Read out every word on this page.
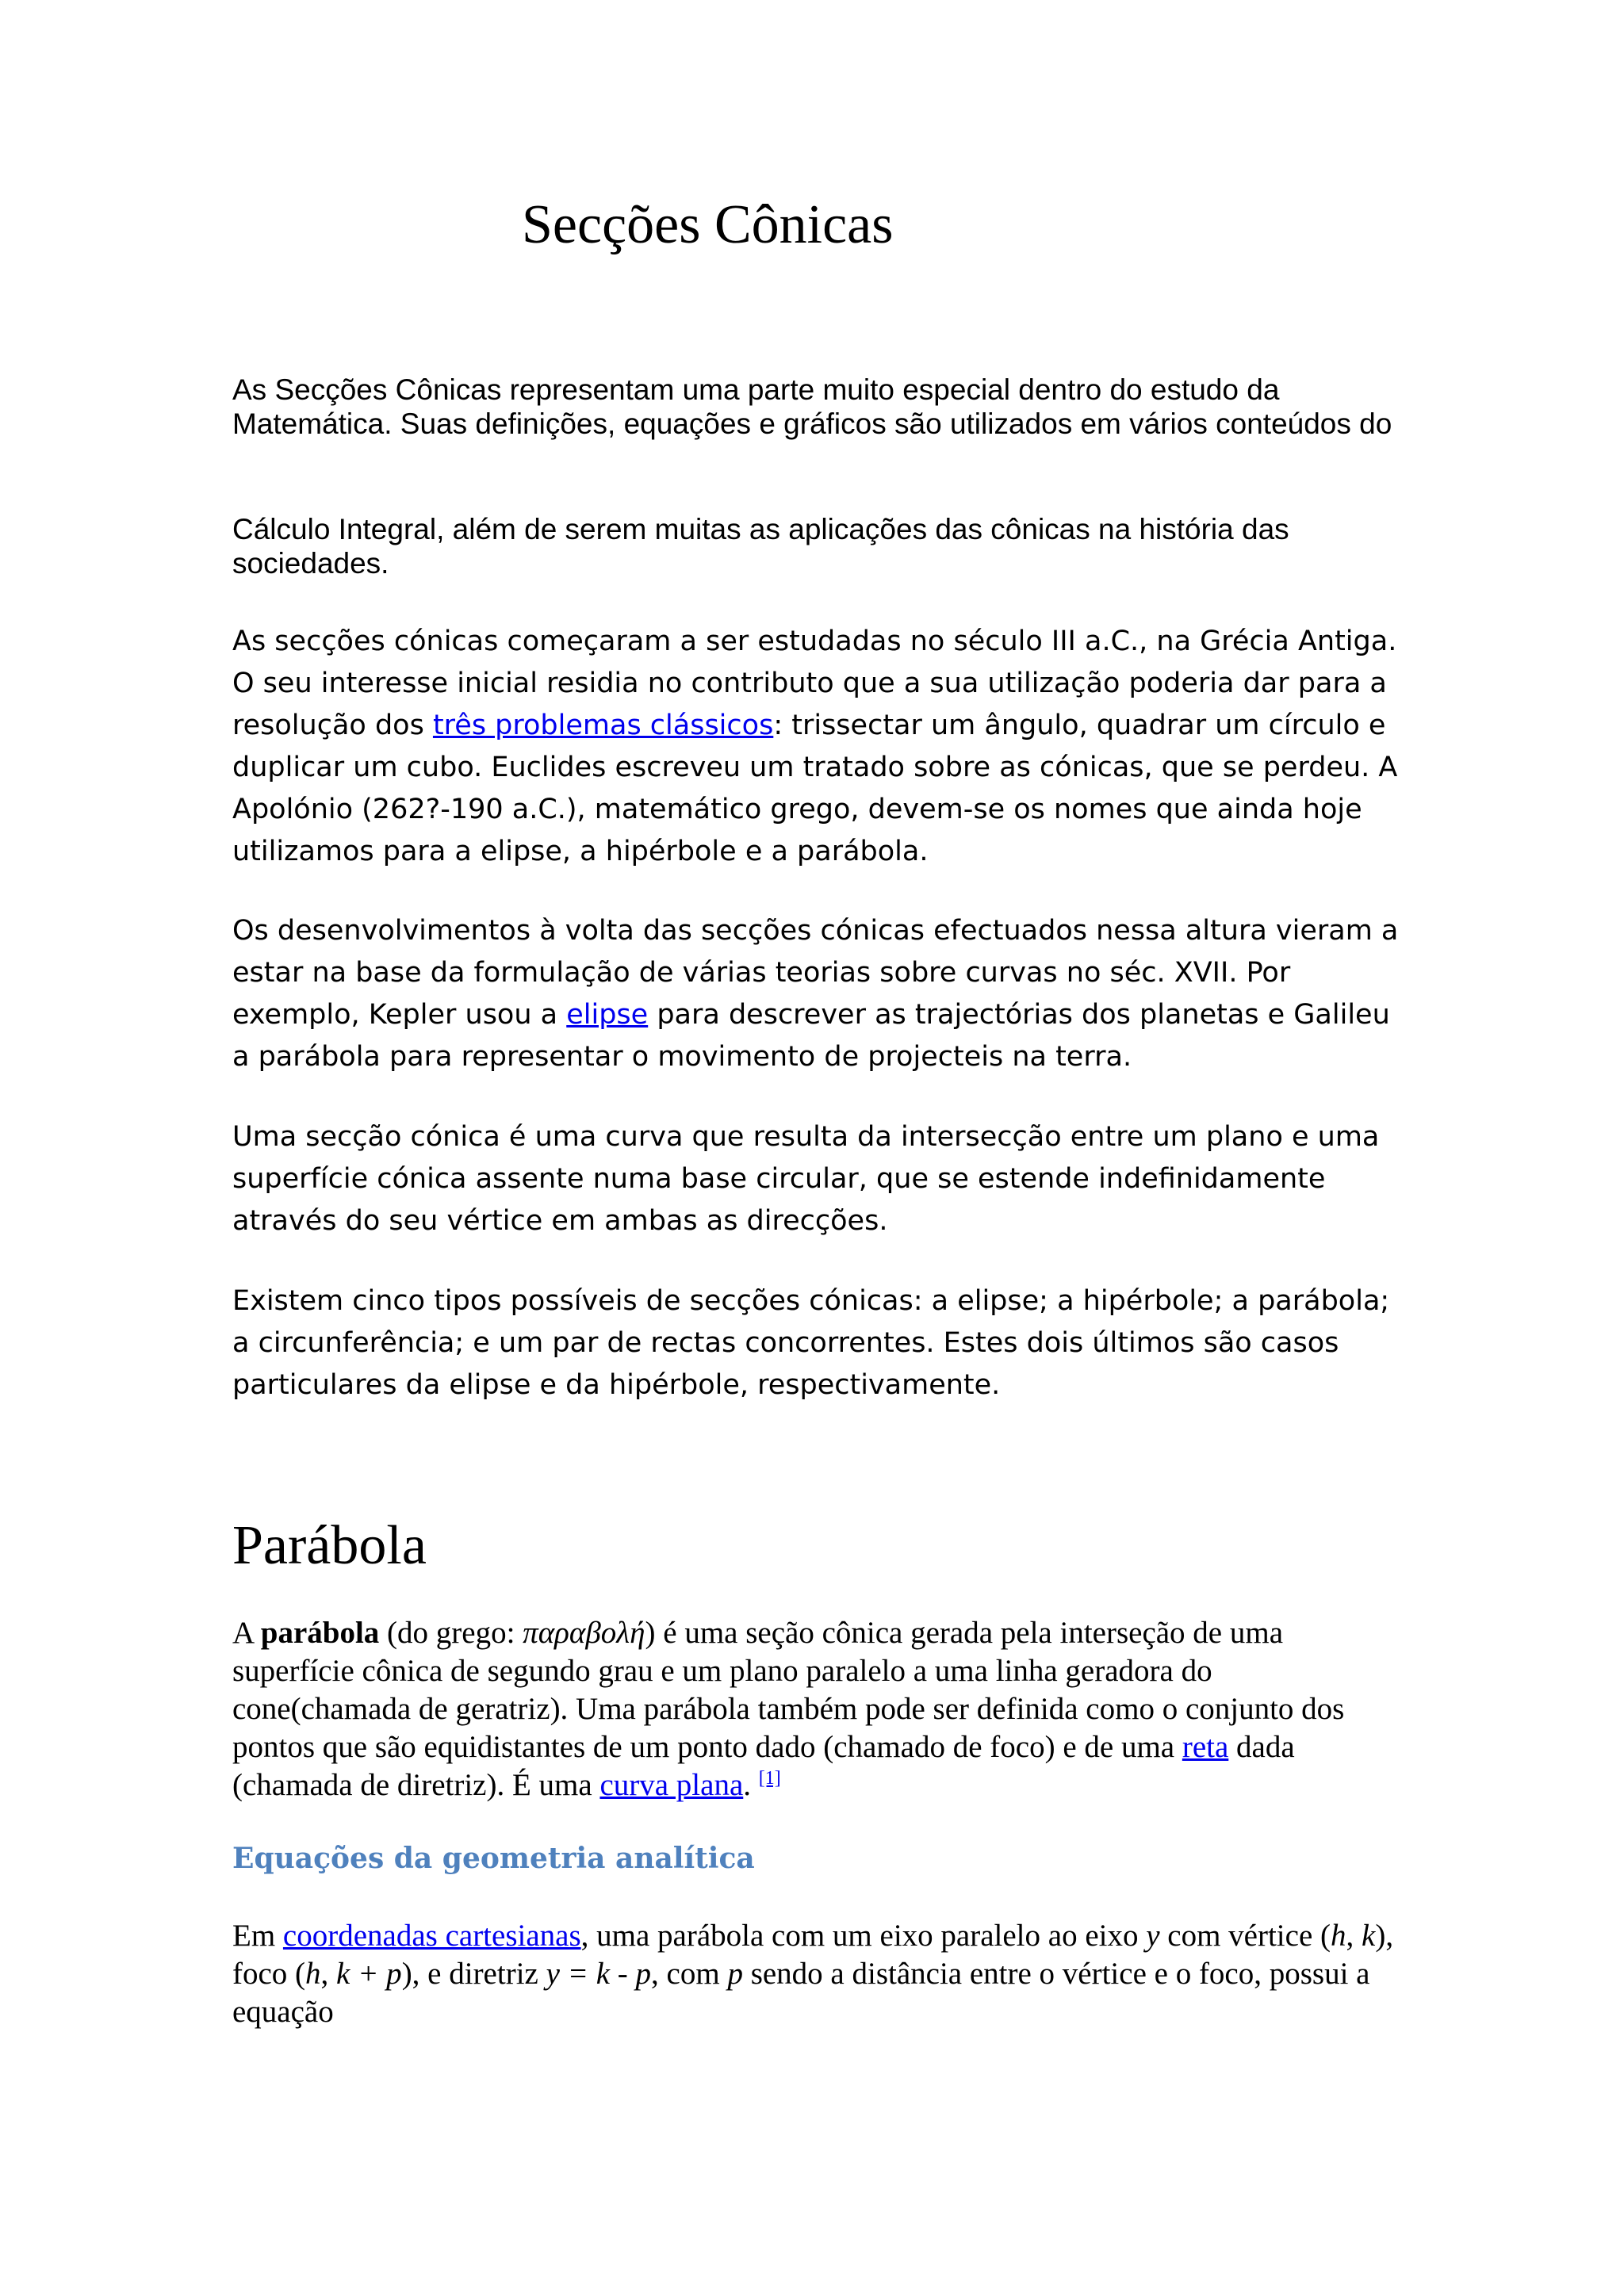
Secções Cônicas

As Secções Cônicas representam uma parte muito especial dentro do estudo da Matemática. Suas definições, equações e gráficos são utilizados em vários conteúdos do

Cálculo Integral, além de serem muitas as aplicações das cônicas na história das sociedades.

As secções cónicas começaram a ser estudadas no século III a.C., na Grécia Antiga. O seu interesse inicial residia no contributo que a sua utilização poderia dar para a resolução dos três problemas clássicos: trissectar um ângulo, quadrar um círculo e duplicar um cubo. Euclides escreveu um tratado sobre as cónicas, que se perdeu. A Apolónio (262?-190 a.C.), matemático grego, devem-se os nomes que ainda hoje utilizamos para a elipse, a hipérbole e a parábola.

Os desenvolvimentos à volta das secções cónicas efectuados nessa altura vieram a estar na base da formulação de várias teorias sobre curvas no séc. XVII. Por exemplo, Kepler usou a elipse para descrever as trajectórias dos planetas e Galileu a parábola para representar o movimento de projecteis na terra.

Uma secção cónica é uma curva que resulta da intersecção entre um plano e uma superfície cónica assente numa base circular, que se estende indefinidamente através do seu vértice em ambas as direcções.

Existem cinco tipos possíveis de secções cónicas: a elipse; a hipérbole; a parábola; a circunferência; e um par de rectas concorrentes. Estes dois últimos são casos particulares da elipse e da hipérbole, respectivamente.

Parábola

A parábola (do grego: παραβολή) é uma seção cônica gerada pela interseção de uma superfície cônica de segundo grau e um plano paralelo a uma linha geradora do cone(chamada de geratriz). Uma parábola também pode ser definida como o conjunto dos pontos que são equidistantes de um ponto dado (chamado de foco) e de uma reta dada (chamada de diretriz). É uma curva plana. [1]

Equações da geometria analítica

Em coordenadas cartesianas, uma parábola com um eixo paralelo ao eixo y com vértice (h, k), foco (h, k + p), e diretriz y = k - p, com p sendo a distância entre o vértice e o foco, possui a equação
